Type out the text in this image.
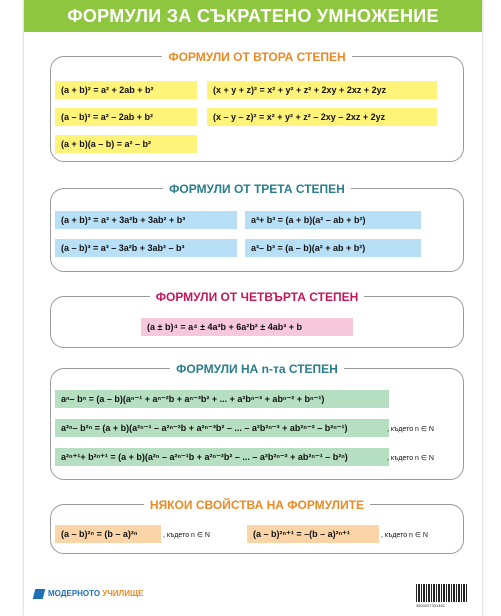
ФОРМУЛИ ЗА СЪКРАТЕНО УМНОЖЕНИЕ
ФОРМУЛИ ОТ ВТОРА СТЕПЕН
(a + b)² = a² + 2ab + b²
(a – b)² = a² – 2ab + b²
(a + b)(a – b) = a² – b²
(x + y + z)² = x² + y² + z² + 2xy + 2xz + 2yz
(x – y – z)² = x² + y² + z² – 2xy – 2xz + 2yz
ФОРМУЛИ ОТ ТРЕТА СТЕПЕН
(a + b)³ = a³ + 3a²b + 3ab² + b³
(a – b)³ = a³ – 3a²b + 3ab² – b³
a³+ b³ = (a + b)(a² – ab + b²)
a³– b³ = (a – b)(a² + ab + b²)
ФОРМУЛИ ОТ ЧЕТВЪРТА СТЕПЕН
(a ± b)⁴ = a⁴ ± 4a³b + 6a²b² ± 4ab³ + b
ФОРМУЛИ НА n-та СТЕПЕН
aⁿ– bⁿ = (a – b)(aⁿ⁻¹ + aⁿ⁻²b + aⁿ⁻³b² + ... + a²bⁿ⁻³ + abⁿ⁻² + bⁿ⁻¹)
a²ⁿ– b²ⁿ = (a + b)(a²ⁿ⁻¹ – a²ⁿ⁻²b + a²ⁿ⁻³b² – ... – a²b²ⁿ⁻³ + ab²ⁿ⁻² – b²ⁿ⁻¹)	, където n ∈ N
a²ⁿ⁺¹+ b²ⁿ⁺¹ = (a + b)(a²ⁿ – a²ⁿ⁻¹b + a²ⁿ⁻²b² – ... – a²b²ⁿ⁻² + ab²ⁿ⁻¹ – b²ⁿ)	, където n ∈ N
НЯКОИ СВОЙСТВА НА ФОРМУЛИТЕ
(a – b)²ⁿ = (b – a)²ⁿ	, където n ∈ N	(a – b)²ⁿ⁺¹ = –(b – a)²ⁿ⁺¹	, където n ∈ N
МОДЕРНОТО УЧИЛИЩЕ
3800037331481
